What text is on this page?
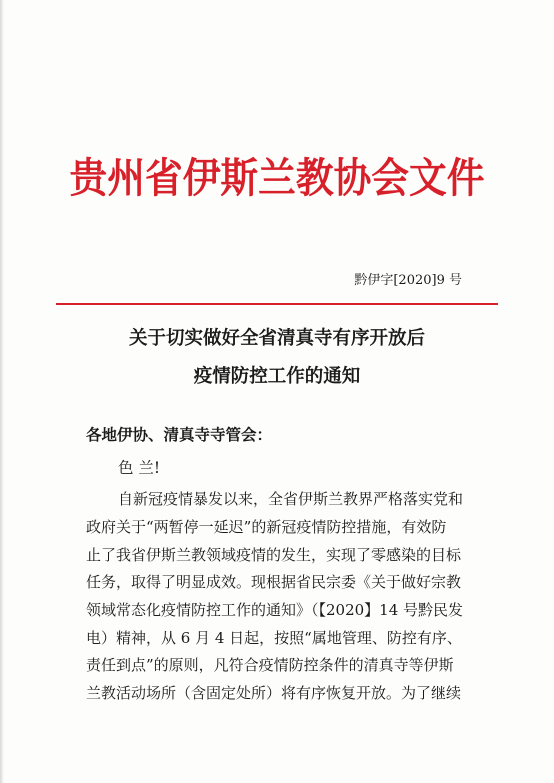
贵州省伊斯兰教协会文件
黔伊字[2020]9 号
关于切实做好全省清真寺有序开放后
疫情防控工作的通知
各地伊协、清真寺寺管会：
色 兰!
自新冠疫情暴发以来，全省伊斯兰教界严格落实党和
政府关于“两暂停一延迟”的新冠疫情防控措施，有效防
止了我省伊斯兰教领域疫情的发生，实现了零感染的目标
任务，取得了明显成效。现根据省民宗委《关于做好宗教
领域常态化疫情防控工作的通知》（【2020】14 号黔民发
电）精神，从 6 月 4 日起，按照“属地管理、防控有序、
责任到点”的原则，凡符合疫情防控条件的清真寺等伊斯
兰教活动场所（含固定处所）将有序恢复开放。为了继续
